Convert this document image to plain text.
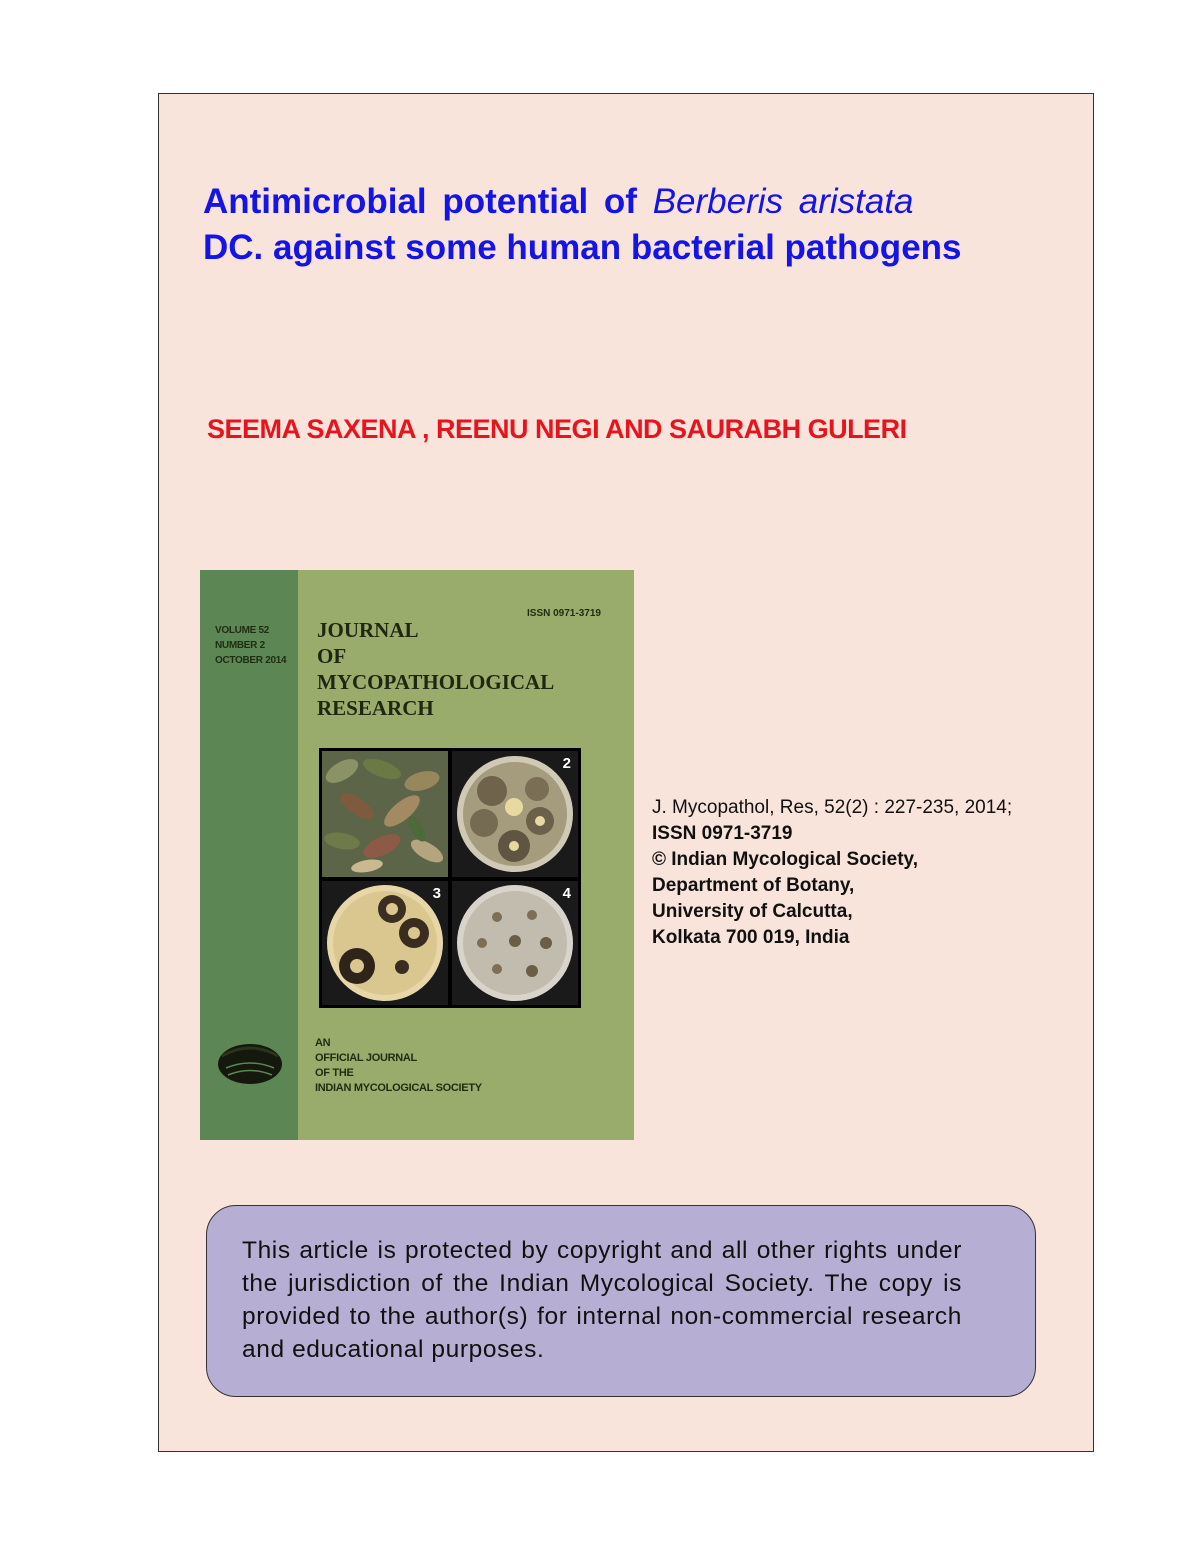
Antimicrobial potential of Berberis aristata
DC. against some human bacterial pathogens

SEEMA SAXENA , REENU NEGI AND SAURABH GULERI

VOLUME 52
NUMBER 2
OCTOBER 2014
ISSN 0971-3719
JOURNAL
OF
MYCOPATHOLOGICAL
RESEARCH
2
3	4
AN
OFFICIAL JOURNAL
OF THE
INDIAN MYCOLOGICAL SOCIETY
J. Mycopathol, Res, 52(2) : 227-235, 2014;
ISSN 0971-3719
© Indian Mycological Society,
Department of Botany,
University of Calcutta,
Kolkata 700 019, India

This article is protected by copyright and all other rights under the jurisdiction of the Indian Mycological Society. The copy is provided to the author(s) for internal non-commercial research and educational purposes.
